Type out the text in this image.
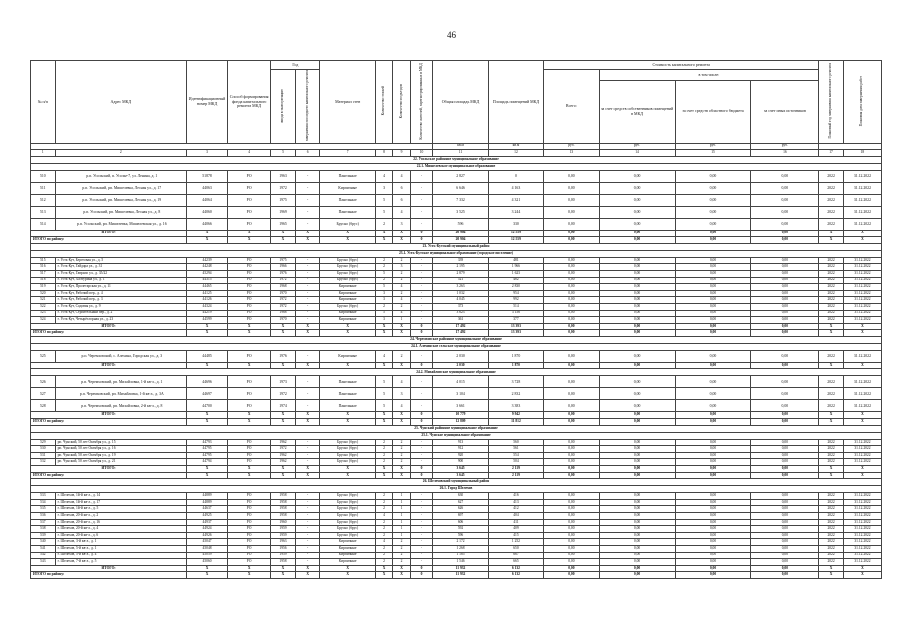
46
№ п/п	Адрес МКД	Идентификационный номер МКД	Способ формирования фонда капитального ремонта МКД	Год		Материал стен	Количество этажей	Количество подъездов	Количество жителей, зарегистрированных в МКД	Общая площадь МКД	Площадь помещений МКД	Стоимость капитального ремонта				Плановый год завершения капитального ремонта	Плановая дата завершения работ
				ввода в эксплуатацию	завершения последнего капитального ремонта							Всего:	в том числе:				
													за счет средств собственников помещений в МКД	за счет средств областного бюджета	за счет иных источников		
										кв.м	кв.м	руб.	руб.	руб.	руб.		
1	2	3	4	5	6	7	8	9	10	11	12	13	14	15	16	17	18
22. Усольское районное муниципальное образование																	
22.1. Мишелевское муниципальное образование																	
510	р.п. Усольский, п. Усолье-7, ул. Ленина, д. 1	51878	РО	1963	-	Панельные	4	4	-	2 827	0	0,00	0,00	0,00	0,00	2022	31.12.2022
511	р.п. Усольский, рп. Мишелевка, Лесная ул., д. 17	44063	РО	1972	-	Кирпичные	3	6	-	6 646	4 163	0,00	0,00	0,00	0,00	2022	31.12.2022
512	р.п. Усольский, рп. Мишелевка, Лесная ул., д. 19	44064	РО	1975	-	Панельные	5	6	-	7 332	4 321	0,00	0,00	0,00	0,00	2022	31.12.2022
513	р.п. Усольский, рп. Мишелевка, Лесная ул., д. 8	44060	РО	1969	-	Панельные	5	4	-	3 525	3 244	0,00	0,00	0,00	0,00	2022	31.12.2022
514	р.п. Усольский, рп. Мишелевка, Мишелевская ул., д. 16	44066	РО	1965	-	Брусно (брус)	2	3	-	596	330	0,00	0,00	0,00	0,00	2022	31.12.2022
ИТОГО:		X	X	X	X	X	X	X	0	20 904	12 559	0,00	0,00	0,00	0,00	X	X
ИТОГО по району:		X	X	X	X	X	X	X	0	20 904	12 559	0,00	0,00	0,00	0,00	X	X
23. Усть-Кутский муниципальный район																	
23.1. Усть-Кутское муниципальное образование (городское поселение)																	
515	г. Усть-Кут, Береговая ул., д. 5	44239	РО	1975	-	Брусно (брус)	2	2	-	339	481	0,00	0,00	0,00	0,00	2022	31.12.2022
516	г. Усть-Кут, Гайдара ул., д. 31	44248	РО	1966	-	Брусно (брус)	2	3	-	2 195	1 966	0,00	0,00	0,00	0,00	2022	31.12.2022
517	г. Усть-Кут, Гаврило ул., д. 35/22	45294	РО	1976	-	Брусно (брус)	5	2	-	2 879	1 623	0,00	0,00	0,00	0,00	2022	31.12.2022
518	г. Усть-Кут, Халтурина ул., д. 1	44315	РО	1972	-	Брусно (брус)	2	2	-	521	482	0,00	0,00	0,00	0,00	2022	31.12.2022
519	г. Усть-Кут, Пролетарская ул., д. 11	44465	РО	1968	-	Кирпичные	5	4	-	3 263	2 830	0,00	0,00	0,00	0,00	2022	31.12.2022
520	г. Усть-Кут, Рабочий пер., д. 4	44125	РО	1970	-	Кирпичные	3	2	-	1 032	954	0,00	0,00	0,00	0,00	2022	31.12.2022
521	г. Усть-Кут, Рабочий пер., д. 3	44126	РО	1972	-	Кирпичные	3	4	-	4 045	992	0,00	0,00	0,00	0,00	2022	31.12.2022
522	г. Усть-Кут, Садовая ул., д. 9	44324	РО	1972	-	Брусно (брус)	2	2	-	373	514	0,00	0,00	0,00	0,00	2022	31.12.2022
523	г. Усть-Кут, Строительный пер., д. 2	44219	РО	1968	-	Кирпичные	5	4	-	3 623	3 156	0,00	0,00	0,00	0,00	2022	31.12.2022
524	г. Усть-Кут, Четырёхгорная ул., д. 23	44599	РО	1970	-	Кирпичные	3	1	-	361	377	0,00	0,00	0,00	0,00	2022	31.12.2022
ИТОГО:		X	X	X	X	X	X	X	0	17 492	13 393	0,00	0,00	0,00	0,00	X	X
ИТОГО по району:		X	X	X	X	X	X	X	0	17 492	13 393	0,00	0,00	0,00	0,00	X	X
24. Черемховское районное муниципальное образование																	
24.1. Алехинское сельское муниципальное образование																	
525	р.п. Черемховский, с. Алехина, Городская ул., д. 3	44485	РО	1976	-	Кирпичные	4	2	-	2 030	1 870	0,00	0,00	0,00	0,00	2022	31.12.2022
ИТОГО:		X	X	X	X	X	X	X	0	2 030	1 870	0,00	0,00	0,00	0,00	X	X
24.2. Михайловское муниципальное образование																	
526	р.п. Черемховский, рп. Михайловка, 1-й кв-л., д. 1	44696	РО	1973	-	Панельные	5	4	-	4 015	3 728	0,00	0,00	0,00	0,00	2022	31.12.2022
527	р.п. Черемховский, рп. Михайловка, 1-й кв-л., д. 3А	44697	РО	1972	-	Панельные	5	3	-	3 104	2 832	0,00	0,00	0,00	0,00	2022	31.12.2022
528	р.п. Черемховский, рп. Михайловка, 2-й кв-л., д. 8	44700	РО	1974	-	Панельные	5	4	-	3 661	3 383	0,00	0,00	0,00	0,00	2022	31.12.2022
ИТОГО:		X	X	X	X	X	X	X	0	10 779	9 942	0,00	0,00	0,00	0,00	X	X
ИТОГО по району:		X	X	X	X	X	X	X	0	12 809	11 812	0,00	0,00	0,00	0,00	X	X
25. Чунский районное муниципальное образование																	
25.1. Чунское муниципальное образование																	
529	рп. Чунский, 50 лет Октября ул., д. 15	44793	РО	1962	-	Брусно (брус)	2	2	-	913	560	0,00	0,00	0,00	0,00	2022	31.12.2022
530	рп. Чунский, 50 лет Октября ул., д. 16	44795	РО	1972	-	Брусно (брус)	2	2	-	912	561	0,00	0,00	0,00	0,00	2022	31.12.2022
531	рп. Чунский, 50 лет Октября ул., д. 19	44795	РО	1962	-	Брусно (брус)	2	2	-	920	554	0,00	0,00	0,00	0,00	2022	31.12.2022
532	рп. Чунский, 50 лет Октября ул., д. 21	44794	РО	1962	-	Брусно (брус)	2	2	-	900	504	0,00	0,00	0,00	0,00	2022	31.12.2022
ИТОГО:		X	X	X	X	X	X	X	0	3 645	2 119	0,00	0,00	0,00	0,00	X	X
ИТОГО по району:		X	X	X	X	X	X	X	0	3 645	2 119	0,00	0,00	0,00	0,00	X	X
26. Шелеховский муниципальный район																	
26.1. Город Шелехов																	
533	г. Шелехов, 1й-й кв-л., д. 14	44889	РО	1958	-	Брусно (брус)	2	1	-	630	416	0,00	0,00	0,00	0,00	2022	31.12.2022
534	г. Шелехов, 1й-й кв-л., д. 17	44889	РО	1958	-	Брусно (брус)	2	1	-	627	413	0,00	0,00	0,00	0,00	2022	31.12.2022
535	г. Шелехов, 1й-й кв-л., д. 5	44637	РО	1958	-	Брусно (брус)	2	1	-	626	412	0,00	0,00	0,00	0,00	2022	31.12.2022
536	г. Шелехов, 20-й кв-л., д. 2	44925	РО	1958	-	Брусно (брус)	4	1	-	697	404	0,00	0,00	0,00	0,00	2022	31.12.2022
537	г. Шелехов, 20-й кв-л., д. 16	44937	РО	1960	-	Брусно (брус)	2	1	-	606	411	0,00	0,00	0,00	0,00	2022	31.12.2022
538	г. Шелехов, 20-й кв-л., д. 4	44924	РО	1959	-	Брусно (брус)	2	1	-	592	409	0,00	0,00	0,00	0,00	2022	31.12.2022
539	г. Шелехов, 20-й кв-л., д. 6	44926	РО	1959	-	Брусно (брус)	2	1	-	596	415	0,00	0,00	0,00	0,00	2022	31.12.2022
540	г. Шелехов, 3-й кв-л., д. 1	45047	РО	1963	-	Кирпичные	4	2	-	2 172	1 252	0,00	0,00	0,00	0,00	2022	31.12.2022
541	г. Шелехов, 5-й кв-л., д. 1	45048	РО	1956	-	Кирпичные	2	2	-	1 268	650	0,00	0,00	0,00	0,00	2022	31.12.2022
542	г. Шелехов, 5-й кв-л., д. 4	45059	РО	1959	-	Кирпичные	2	2	-	1 185	667	0,00	0,00	0,00	0,00	2022	31.12.2022
543	г. Шелехов, 7-й кв-л., д. 5	45060	РО	1958	-	Кирпичные	2	2	-	1 546	665	0,00	0,00	0,00	0,00	2022	31.12.2022
ИТОГО:		X	X	X	X	X	X	X	0	11 932	6 132	0,00	0,00	0,00	0,00	X	X
ИТОГО по району:		X	X	X	X	X	X	X	0	11 932	6 132	0,00	0,00	0,00	0,00	X	X
